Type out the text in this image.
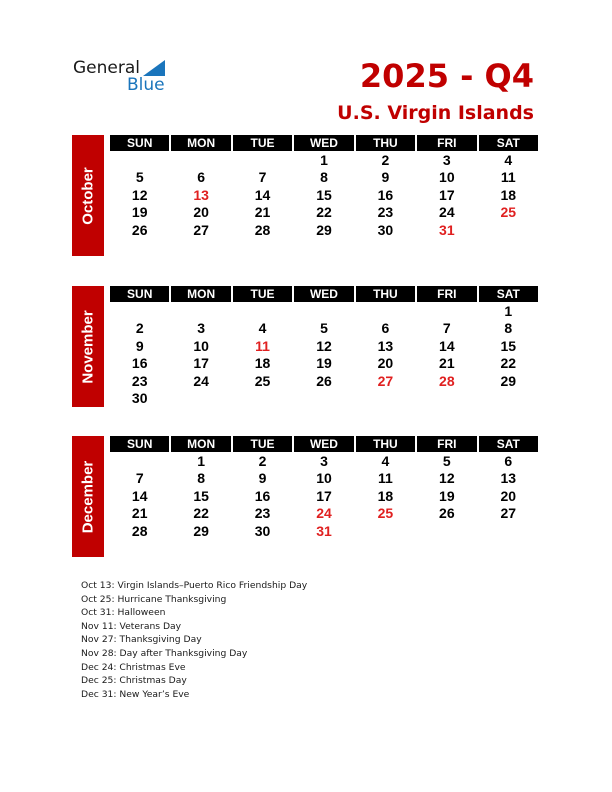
General
Blue	2025 - Q4
U.S. Virgin Islands
October
SUN	MON	TUE	WED	THU	FRI	SAT
			1	2	3	4
5	6	7	8	9	10	11
12	13	14	15	16	17	18
19	20	21	22	23	24	25
26	27	28	29	30	31	
November
SUN	MON	TUE	WED	THU	FRI	SAT
						1
2	3	4	5	6	7	8
9	10	11	12	13	14	15
16	17	18	19	20	21	22
23	24	25	26	27	28	29
30						
December
SUN	MON	TUE	WED	THU	FRI	SAT
	1	2	3	4	5	6
7	8	9	10	11	12	13
14	15	16	17	18	19	20
21	22	23	24	25	26	27
28	29	30	31			
Oct 13: Virgin Islands–Puerto Rico Friendship Day
Oct 25: Hurricane Thanksgiving
Oct 31: Halloween
Nov 11: Veterans Day
Nov 27: Thanksgiving Day
Nov 28: Day after Thanksgiving Day
Dec 24: Christmas Eve
Dec 25: Christmas Day
Dec 31: New Year’s Eve
